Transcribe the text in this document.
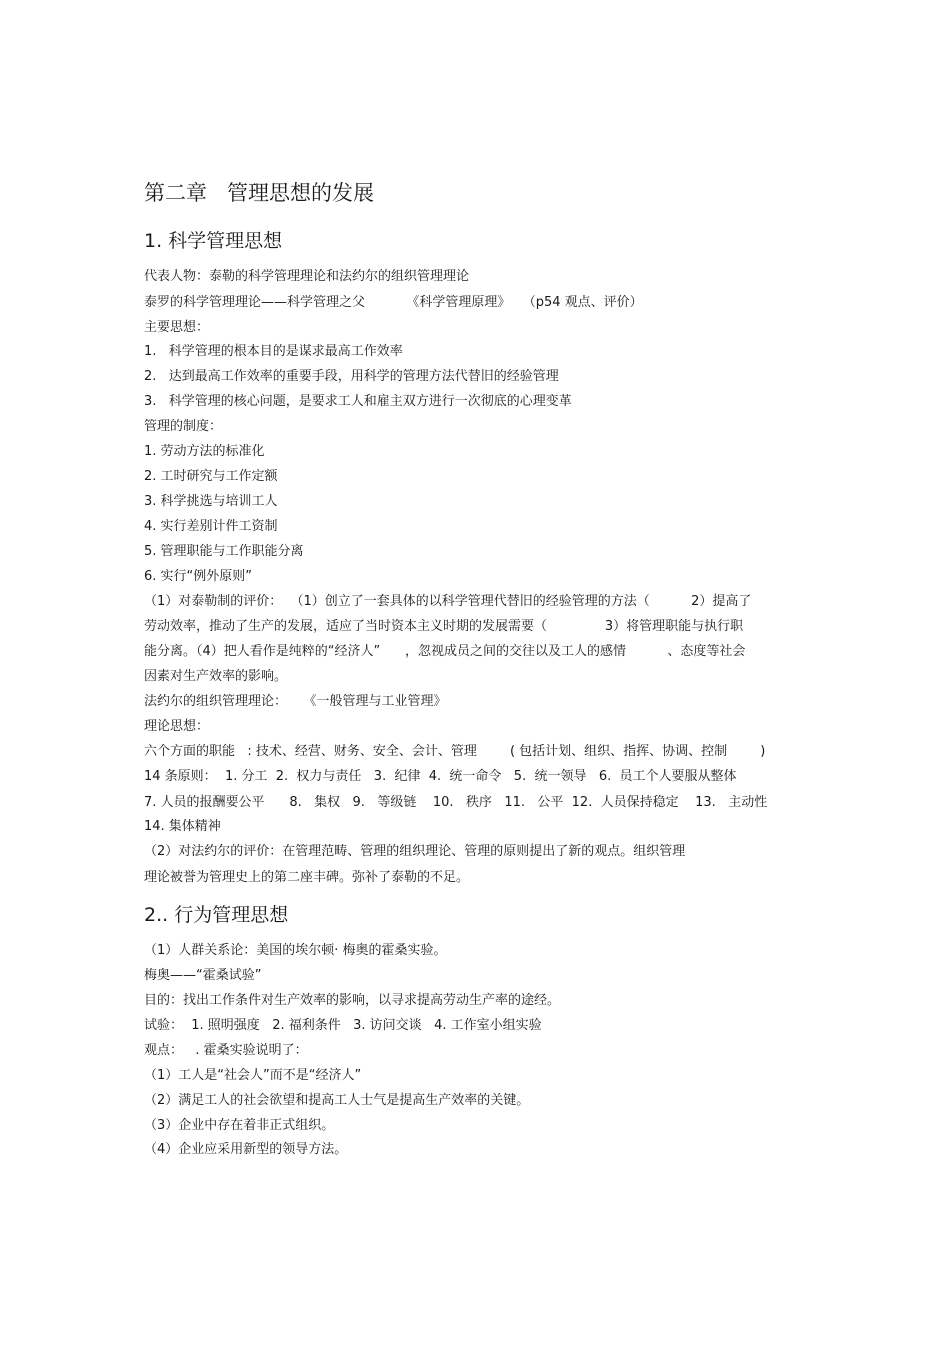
第二章   管理思想的发展
1. 科学管理思想
代表人物：泰勒的科学管理理论和法约尔的组织管理理论
泰罗的科学管理理论——科学管理之父          《科学管理原理》   （p54 观点、评价）
主要思想：
1.   科学管理的根本目的是谋求最高工作效率
2.   达到最高工作效率的重要手段，用科学的管理方法代替旧的经验管理
3.   科学管理的核心问题，是要求工人和雇主双方进行一次彻底的心理变革
管理的制度：
1. 劳动方法的标准化
2. 工时研究与工作定额
3. 科学挑选与培训工人
4. 实行差别计件工资制
5. 管理职能与工作职能分离
6. 实行“例外原则”
（1）对泰勒制的评价：  （1）创立了一套具体的以科学管理代替旧的经验管理的方法（          2）提高了
劳动效率，推动了生产的发展，适应了当时资本主义时期的发展需要（              3）将管理职能与执行职
能分离。（4）把人看作是纯粹的“经济人”      ，忽视成员之间的交往以及工人的感情          、态度等社会
因素对生产效率的影响。
法约尔的组织管理理论：    《一般管理与工业管理》
理论思想：
六个方面的职能   : 技术、经营、财务、安全、会计、管理        ( 包括计划、组织、指挥、协调、控制        )
14 条原则：  1. 分工  2.  权力与责任   3.  纪律  4.  统一命令   5.  统一领导   6.  员工个人要服从整体
7. 人员的报酬要公平      8.   集权   9.   等级链    10.   秩序   11.   公平  12.  人员保持稳定    13.   主动性
14. 集体精神
（2）对法约尔的评价：在管理范畴、管理的组织理论、管理的原则提出了新的观点。组织管理
理论被誉为管理史上的第二座丰碑。弥补了泰勒的不足。
2.. 行为管理思想
（1）人群关系论：美国的埃尔顿· 梅奥的霍桑实验。
梅奥——“霍桑试验”
目的：找出工作条件对生产效率的影响，以寻求提高劳动生产率的途经。
试验：  1. 照明强度   2. 福利条件   3. 访问交谈   4. 工作室小组实验
观点：   . 霍桑实验说明了：
（1）工人是“社会人”而不是“经济人”
（2）满足工人的社会欲望和提高工人士气是提高生产效率的关键。
（3）企业中存在着非正式组织。
（4）企业应采用新型的领导方法。
